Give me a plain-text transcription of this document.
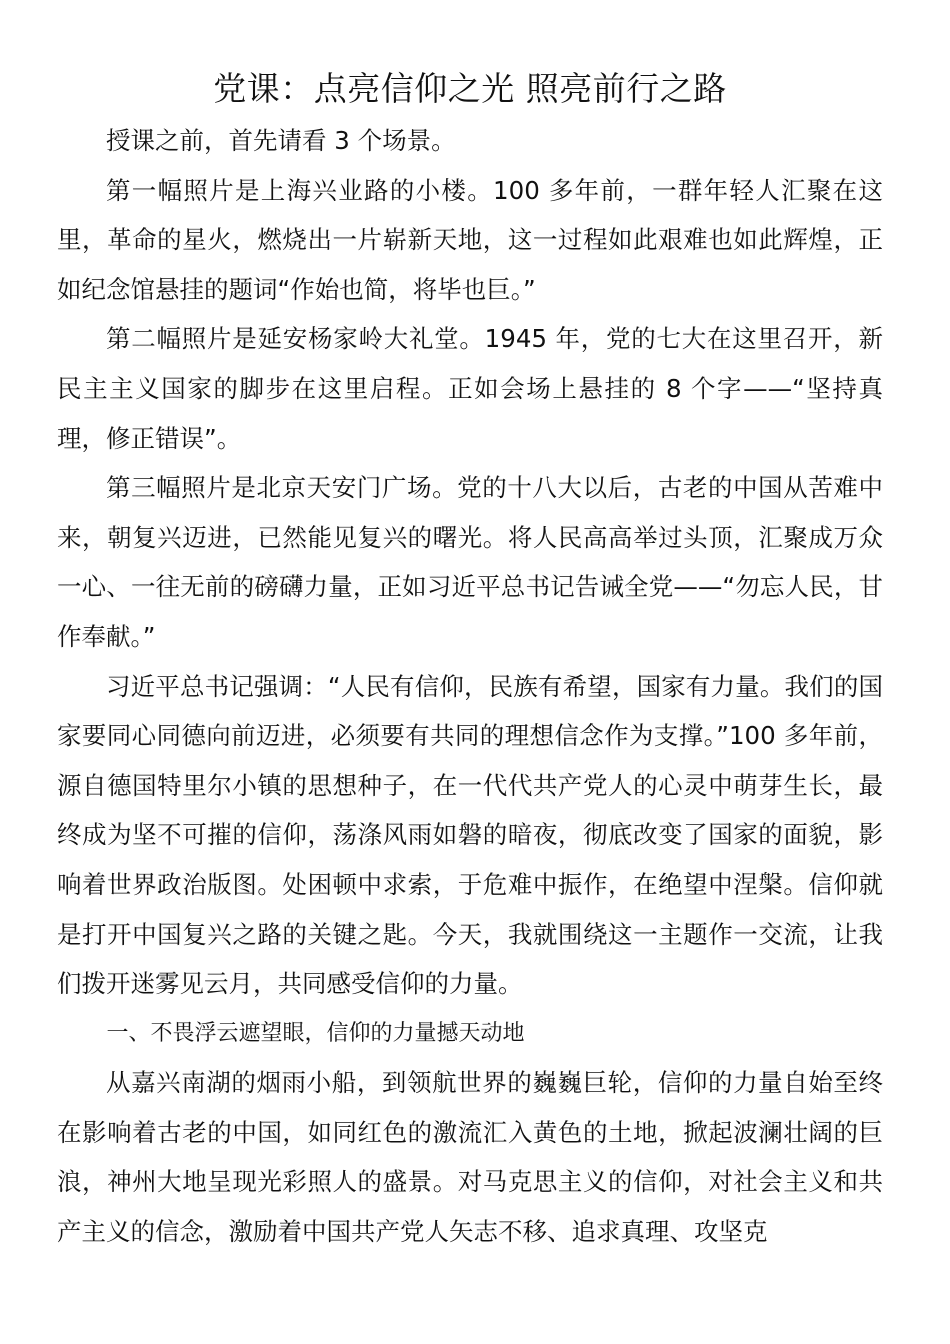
党课：点亮信仰之光 照亮前行之路

授课之前，首先请看 3 个场景。

第一幅照片是上海兴业路的小楼。100 多年前，一群年轻人汇聚在这里，革命的星火，燃烧出一片崭新天地，这一过程如此艰难也如此辉煌，正如纪念馆悬挂的题词“作始也简，将毕也巨。”

第二幅照片是延安杨家岭大礼堂。1945 年，党的七大在这里召开，新民主主义国家的脚步在这里启程。正如会场上悬挂的 8 个字——“坚持真理，修正错误”。

第三幅照片是北京天安门广场。党的十八大以后，古老的中国从苦难中来，朝复兴迈进，已然能见复兴的曙光。将人民高高举过头顶，汇聚成万众一心、一往无前的磅礴力量，正如习近平总书记告诫全党——“勿忘人民，甘作奉献。”

习近平总书记强调：“人民有信仰，民族有希望，国家有力量。我们的国家要同心同德向前迈进，必须要有共同的理想信念作为支撑。”100 多年前，源自德国特里尔小镇的思想种子，在一代代共产党人的心灵中萌芽生长，最终成为坚不可摧的信仰，荡涤风雨如磐的暗夜，彻底改变了国家的面貌，影响着世界政治版图。处困顿中求索，于危难中振作，在绝望中涅槃。信仰就是打开中国复兴之路的关键之匙。今天，我就围绕这一主题作一交流，让我们拨开迷雾见云月，共同感受信仰的力量。

一、不畏浮云遮望眼，信仰的力量撼天动地

从嘉兴南湖的烟雨小船，到领航世界的巍巍巨轮，信仰的力量自始至终在影响着古老的中国，如同红色的激流汇入黄色的土地，掀起波澜壮阔的巨浪，神州大地呈现光彩照人的盛景。对马克思主义的信仰，对社会主义和共产主义的信念，激励着中国共产党人矢志不移、追求真理、攻坚克
